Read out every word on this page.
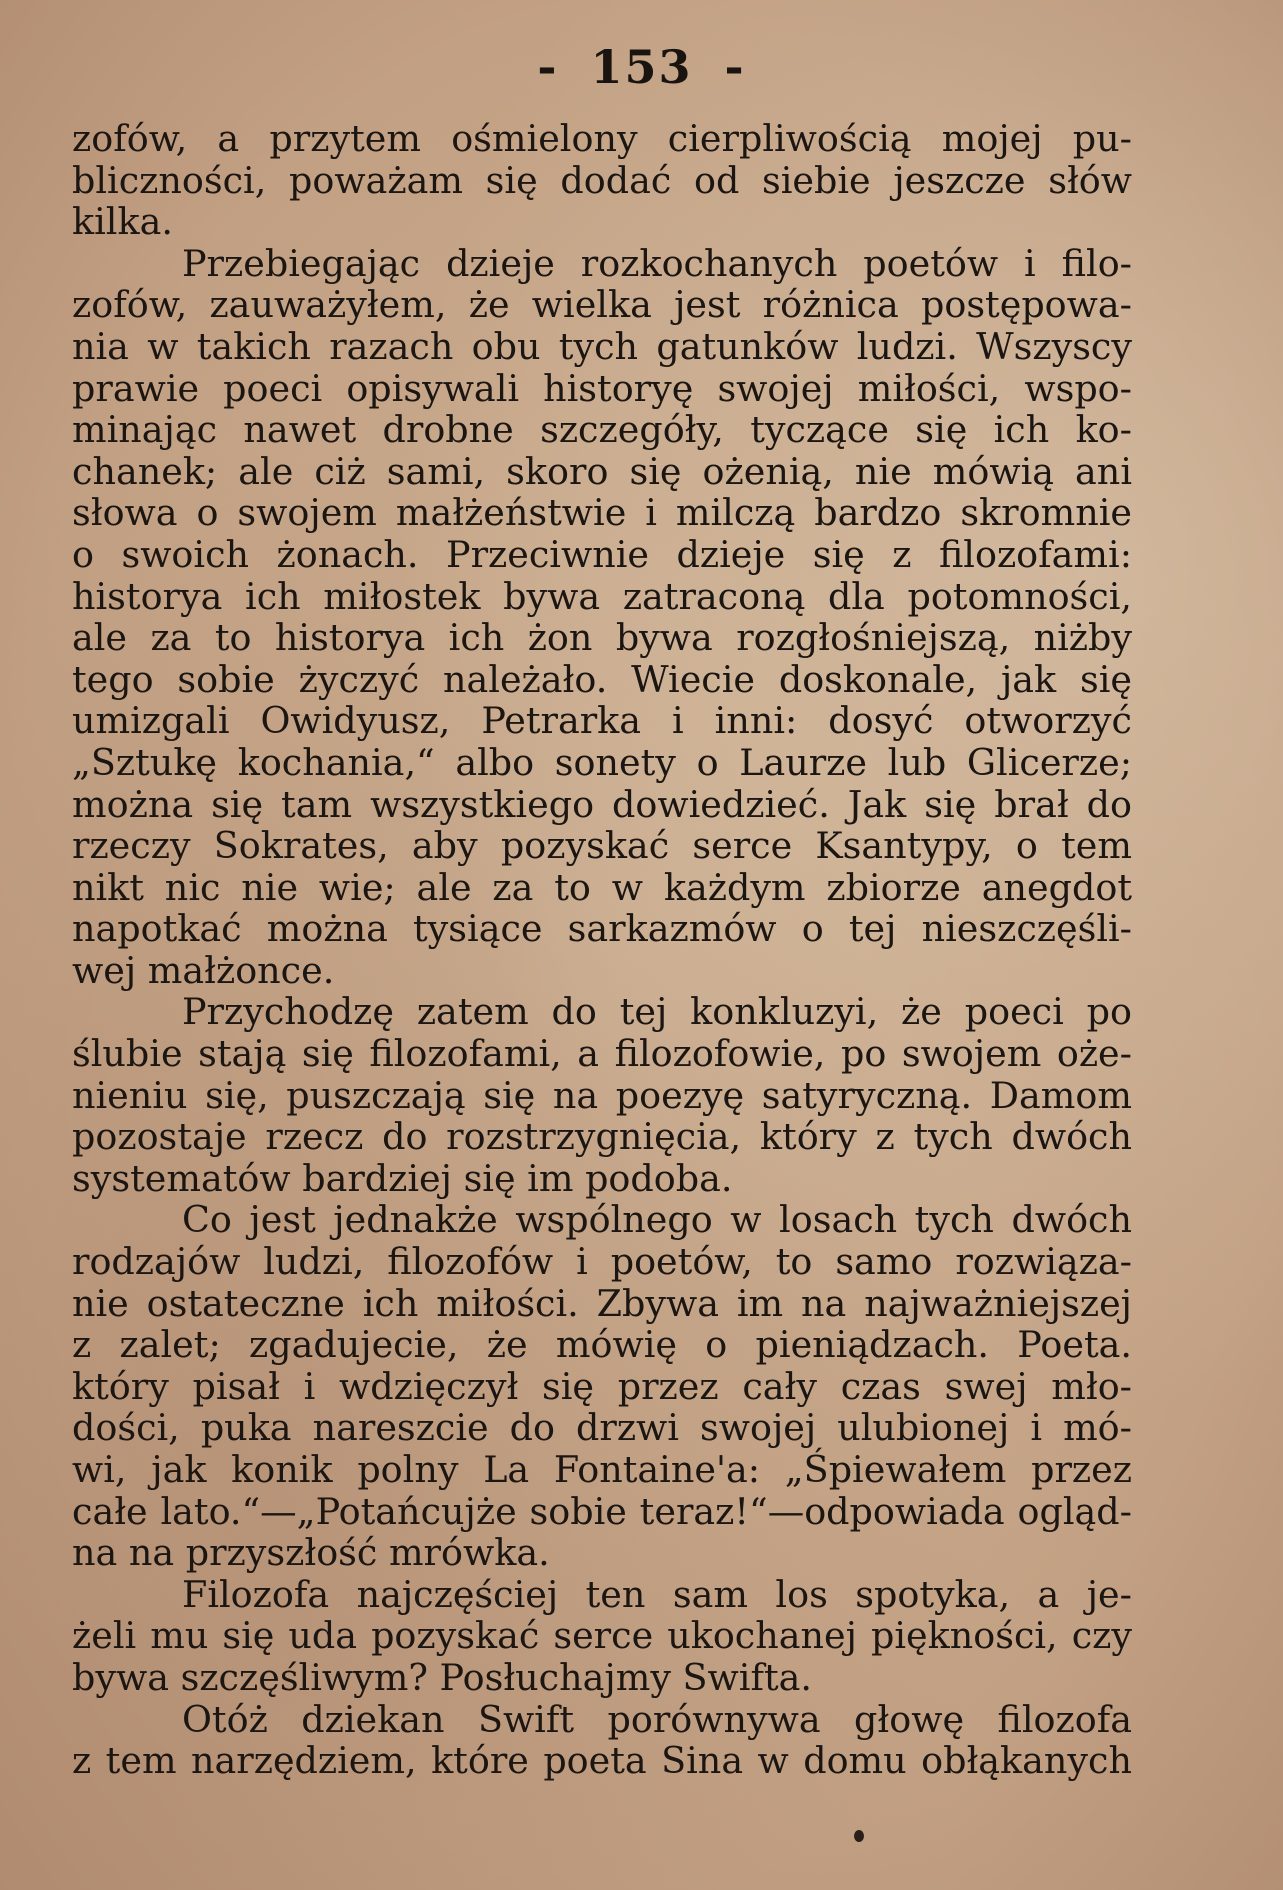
- 153 -
zofów, a przytem ośmielony cierpliwością mojej pu-
bliczności, poważam się dodać od siebie jeszcze słów
kilka.
Przebiegając dzieje rozkochanych poetów i filo-
zofów, zauważyłem, że wielka jest różnica postępowa-
nia w takich razach obu tych gatunków ludzi. Wszyscy
prawie poeci opisywali historyę swojej miłości, wspo-
minając nawet drobne szczegóły, tyczące się ich ko-
chanek; ale ciż sami, skoro się ożenią, nie mówią ani
słowa o swojem małżeństwie i milczą bardzo skromnie
o swoich żonach. Przeciwnie dzieje się z filozofami:
historya ich miłostek bywa zatraconą dla potomności,
ale za to historya ich żon bywa rozgłośniejszą, niżby
tego sobie życzyć należało. Wiecie doskonale, jak się
umizgali Owidyusz, Petrarka i inni: dosyć otworzyć
„Sztukę kochania,“ albo sonety o Laurze lub Glicerze;
można się tam wszystkiego dowiedzieć. Jak się brał do
rzeczy Sokrates, aby pozyskać serce Ksantypy, o tem
nikt nic nie wie; ale za to w każdym zbiorze anegdot
napotkać można tysiące sarkazmów o tej nieszczęśli-
wej małżonce.
Przychodzę zatem do tej konkluzyi, że poeci po
ślubie stają się filozofami, a filozofowie, po swojem oże-
nieniu się, puszczają się na poezyę satyryczną. Damom
pozostaje rzecz do rozstrzygnięcia, który z tych dwóch
systematów bardziej się im podoba.
Co jest jednakże wspólnego w losach tych dwóch
rodzajów ludzi, filozofów i poetów, to samo rozwiąza-
nie ostateczne ich miłości. Zbywa im na najważniejszej
z zalet; zgadujecie, że mówię o pieniądzach. Poeta.
który pisał i wdzięczył się przez cały czas swej mło-
dości, puka nareszcie do drzwi swojej ulubionej i mó-
wi, jak konik polny La Fontaine'a: „Śpiewałem przez
całe lato.“—„Potańcujże sobie teraz!“—odpowiada ogląd-
na na przyszłość mrówka.
Filozofa najczęściej ten sam los spotyka, a je-
żeli mu się uda pozyskać serce ukochanej piękności, czy
bywa szczęśliwym? Posłuchajmy Swifta.
Otóż dziekan Swift porównywa głowę filozofa
z tem narzędziem, które poeta Sina w domu obłąkanych
